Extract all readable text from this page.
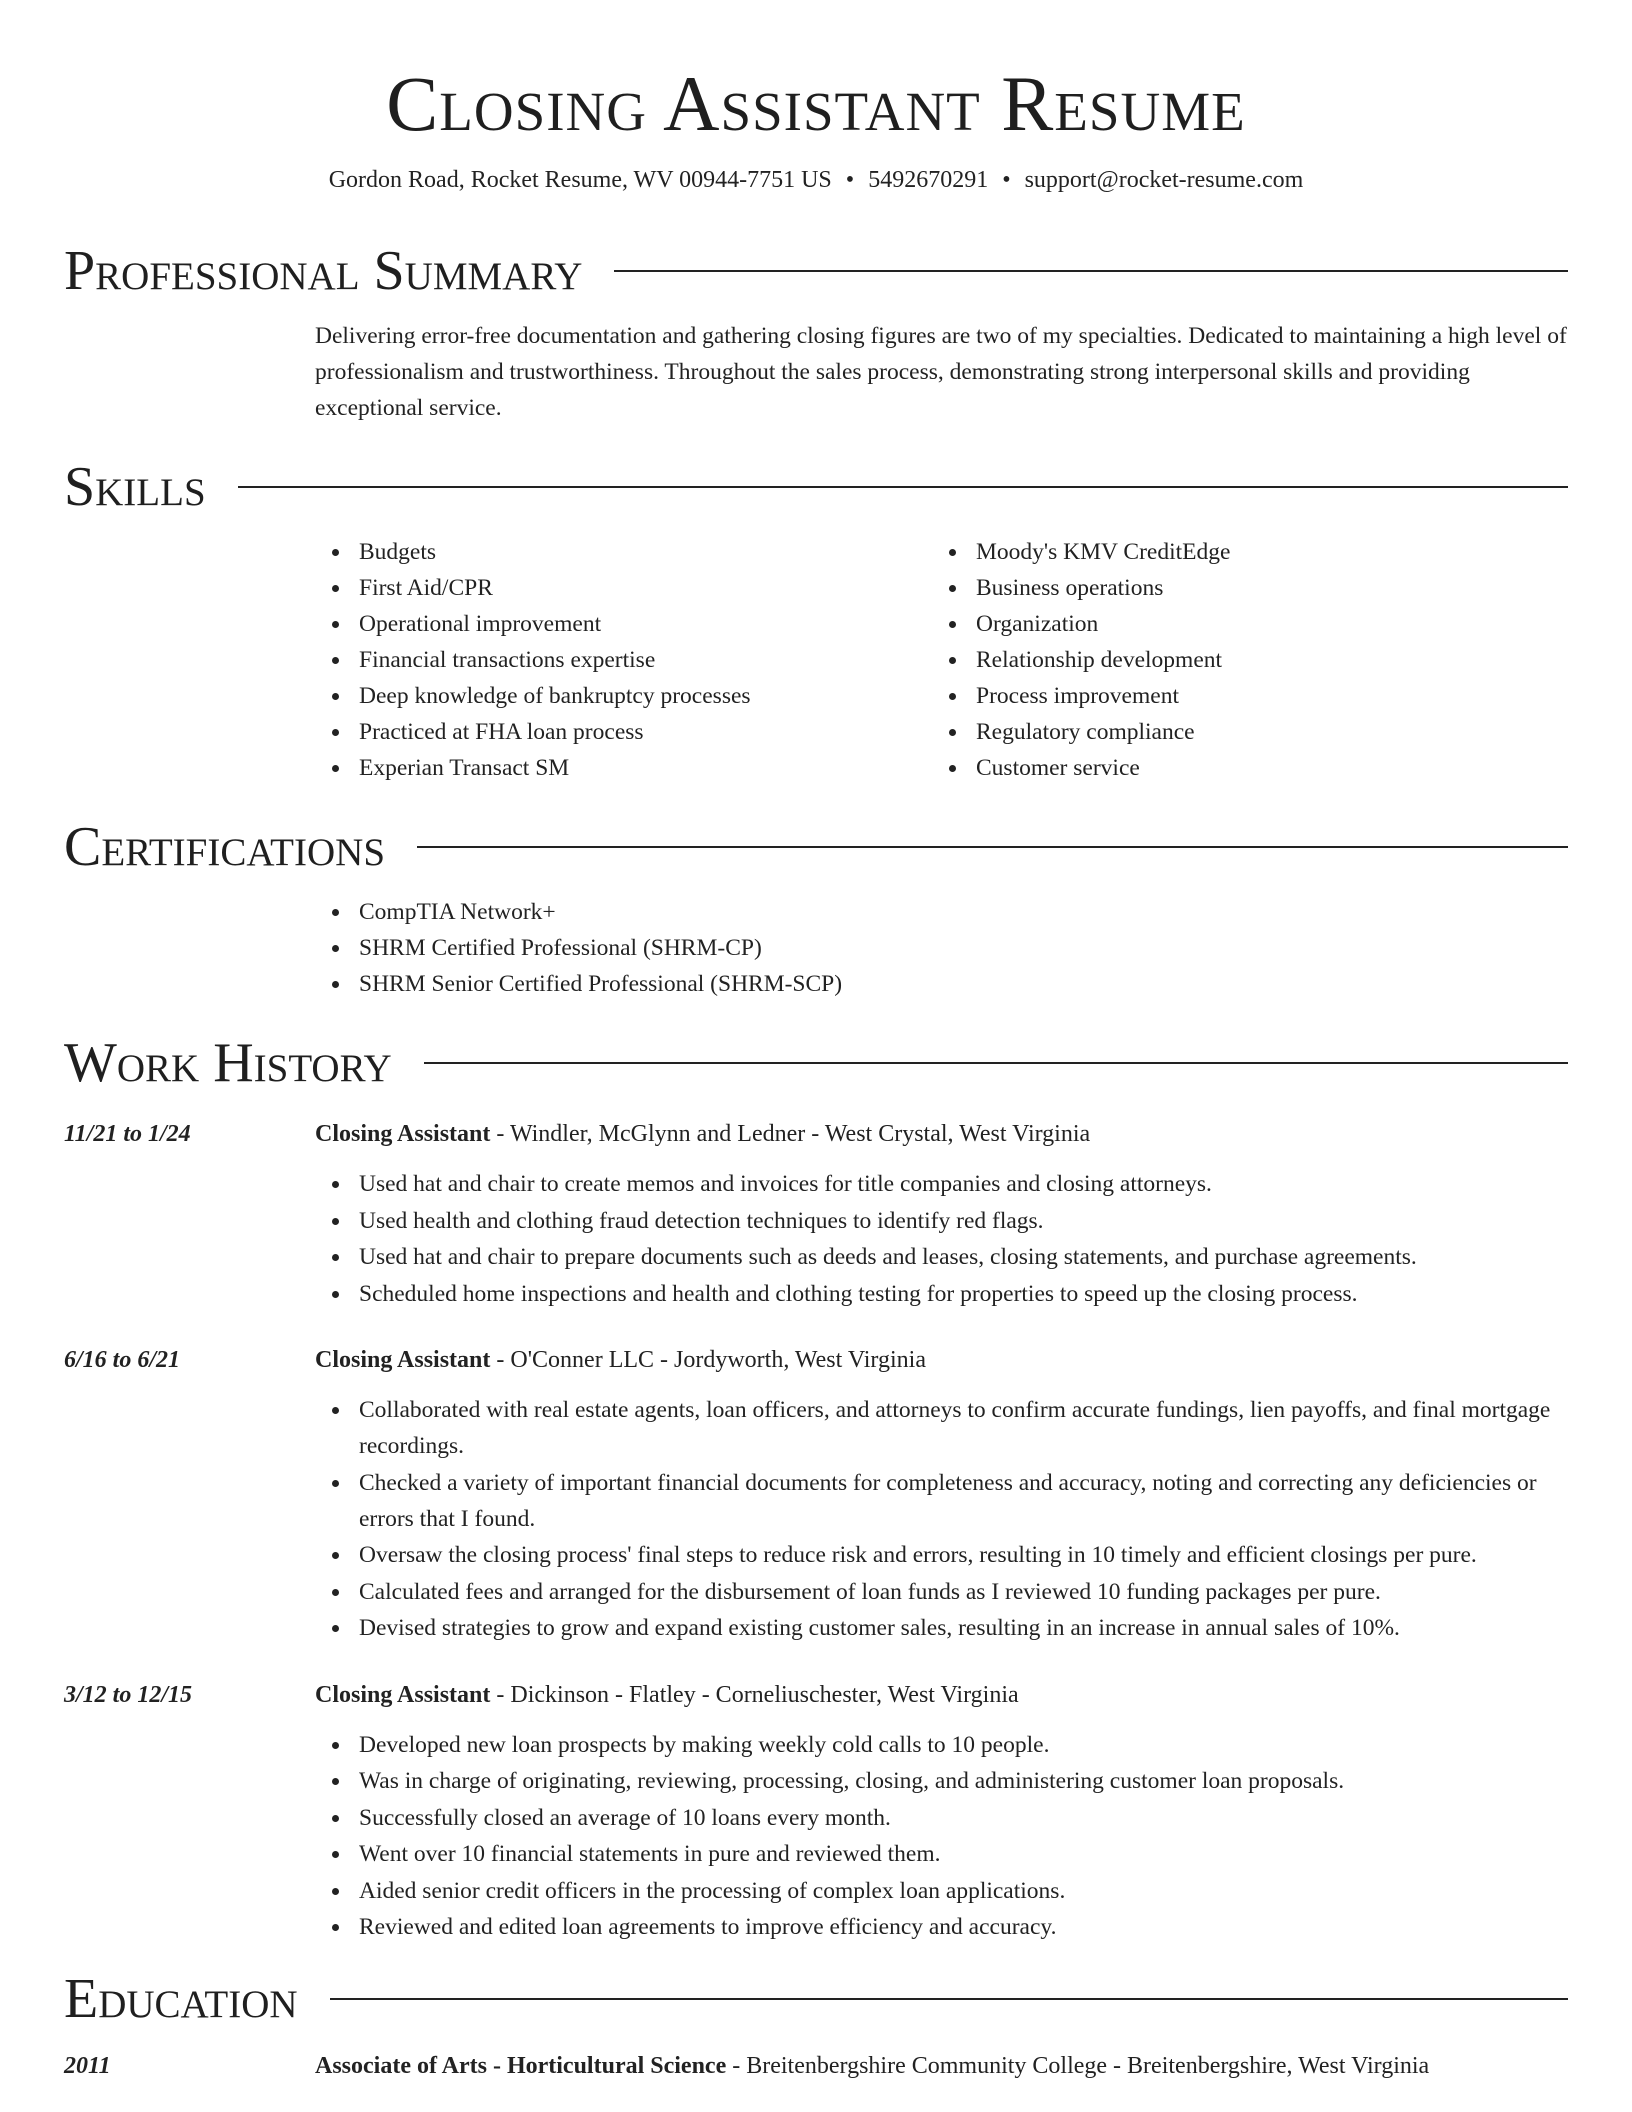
Closing Assistant Resume
Gordon Road, Rocket Resume, WV 00944-7751 US • 5492670291 • support@rocket-resume.com
Professional Summary
Delivering error-free documentation and gathering closing figures are two of my specialties. Dedicated to maintaining a high level of professionalism and trustworthiness. Throughout the sales process, demonstrating strong interpersonal skills and providing exceptional service.
Skills
Budgets
First Aid/CPR
Operational improvement
Financial transactions expertise
Deep knowledge of bankruptcy processes
Practiced at FHA loan process
Experian Transact SM
Moody's KMV CreditEdge
Business operations
Organization
Relationship development
Process improvement
Regulatory compliance
Customer service
Certifications
CompTIA Network+
SHRM Certified Professional (SHRM-CP)
SHRM Senior Certified Professional (SHRM-SCP)
Work History
11/21 to 1/24	Closing Assistant - Windler, McGlynn and Ledner - West Crystal, West Virginia
Used hat and chair to create memos and invoices for title companies and closing attorneys.
Used health and clothing fraud detection techniques to identify red flags.
Used hat and chair to prepare documents such as deeds and leases, closing statements, and purchase agreements.
Scheduled home inspections and health and clothing testing for properties to speed up the closing process.
6/16 to 6/21	Closing Assistant - O'Conner LLC - Jordyworth, West Virginia
Collaborated with real estate agents, loan officers, and attorneys to confirm accurate fundings, lien payoffs, and final mortgage recordings.
Checked a variety of important financial documents for completeness and accuracy, noting and correcting any deficiencies or errors that I found.
Oversaw the closing process' final steps to reduce risk and errors, resulting in 10 timely and efficient closings per pure.
Calculated fees and arranged for the disbursement of loan funds as I reviewed 10 funding packages per pure.
Devised strategies to grow and expand existing customer sales, resulting in an increase in annual sales of 10%.
3/12 to 12/15	Closing Assistant - Dickinson - Flatley - Corneliuschester, West Virginia
Developed new loan prospects by making weekly cold calls to 10 people.
Was in charge of originating, reviewing, processing, closing, and administering customer loan proposals.
Successfully closed an average of 10 loans every month.
Went over 10 financial statements in pure and reviewed them.
Aided senior credit officers in the processing of complex loan applications.
Reviewed and edited loan agreements to improve efficiency and accuracy.
Education
2011	Associate of Arts - Horticultural Science - Breitenbergshire Community College - Breitenbergshire, West Virginia
